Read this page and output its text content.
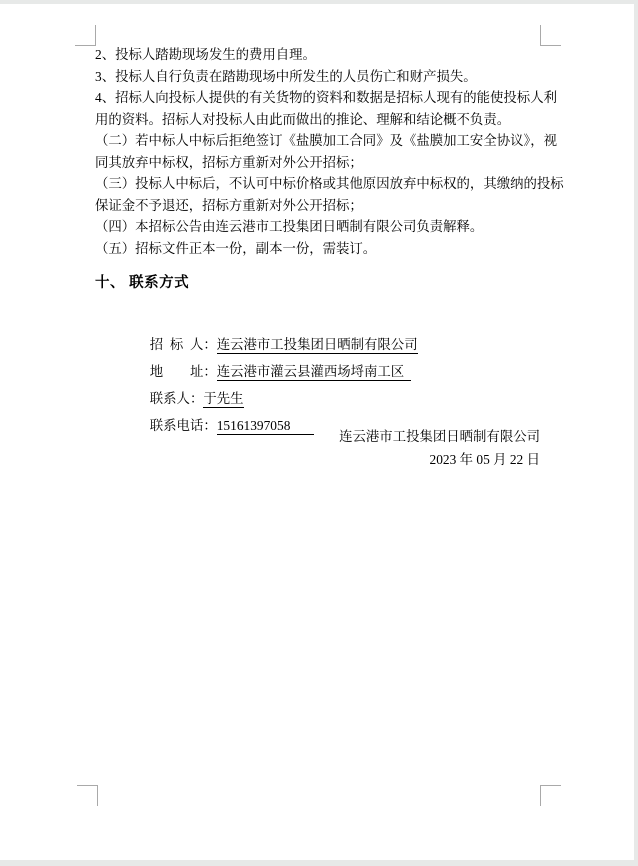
2、投标人踏勘现场发生的费用自理。
3、投标人自行负责在踏勘现场中所发生的人员伤亡和财产损失。
4、招标人向投标人提供的有关货物的资料和数据是招标人现有的能使投标人利
用的资料。招标人对投标人由此而做出的推论、理解和结论概不负责。
（二）若中标人中标后拒绝签订《盐膜加工合同》及《盐膜加工安全协议》，视
同其放弃中标权，招标方重新对外公开招标；
（三）投标人中标后，不认可中标价格或其他原因放弃中标权的，其缴纳的投标
保证金不予退还，招标方重新对外公开招标；
（四）本招标公告由连云港市工投集团日晒制有限公司负责解释。
（五）招标文件正本一份，副本一份，需装订。
十、 联系方式

招  标  人：连云港市工投集团日晒制有限公司

地　　址：连云港市灌云县灌西场埒南工区

联系人：于先生

联系电话：15161397058

连云港市工投集团日晒制有限公司
2023 年 05 月 22 日
